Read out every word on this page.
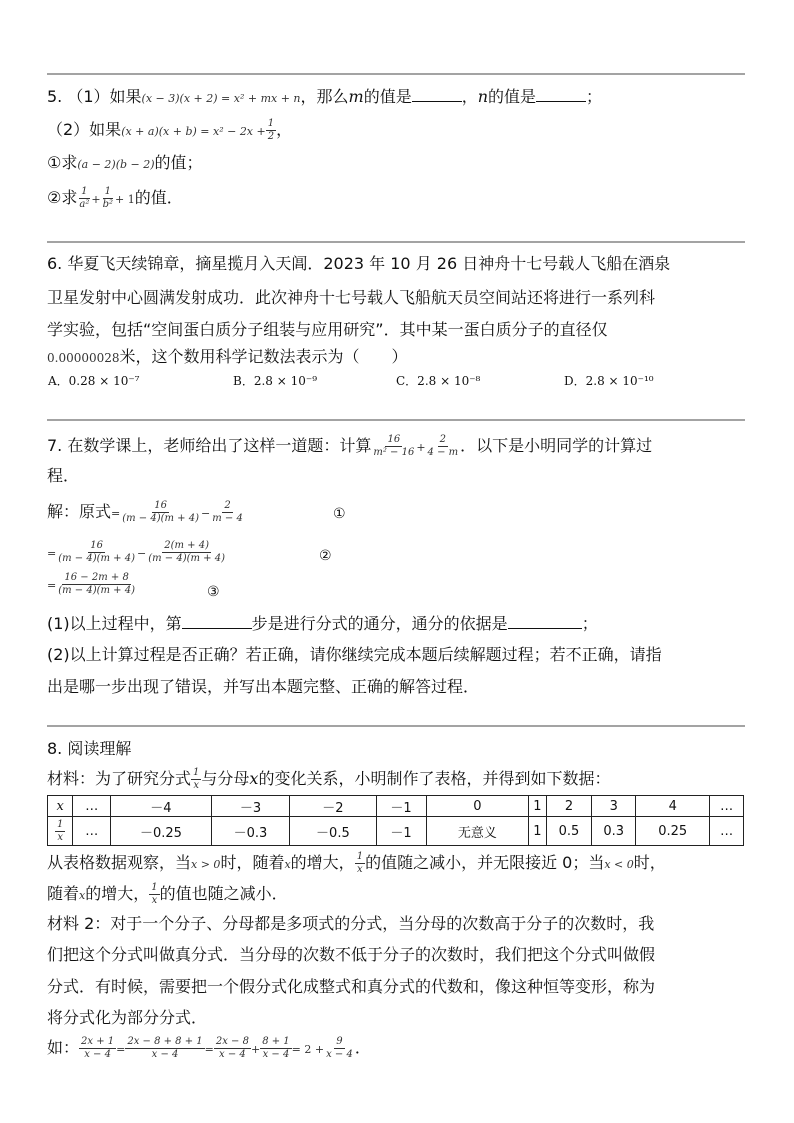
5. （1）如果(x − 3)(x + 2) = x² + mx + n，那么m的值是	，n的值是	；
（2）如果$(x + a)(x + b) = x^2 - 2x + \frac{1}{2}$ ，
①求(a − 2)(b − 2)的值；
②求 $\frac{1}{\text{a²}} + \frac{1}{\text{b²}} + 1$的值．
6. 华夏飞天续锦章，摘星揽月入天阊．2023 年 10 月 26 日神舟十七号载人飞船在酒泉
卫星发射中心圆满发射成功．此次神舟十七号载人飞船航天员空间站还将进行一系列科
学实验，包括“空间蛋白质分子组装与应用研究”．其中某一蛋白质分子的直径仅
0.00000028米，这个数用科学记数法表示为（　　）
A．0.28 × 10⁻⁷	B．2.8 × 10⁻⁹	C．2.8 × 10⁻⁸	D．2.8 × 10⁻¹⁰
7. 在数学课上，老师给出了这样一道题：计算 $\frac{16}{\text{m² − 16}} + \frac{2}{4 - m}$ ．以下是小明同学的计算过
程．
解：原式= $\frac{16}{(m - 4)(m + 4)} - \frac{2}{m - 4}$	①
= $\frac{16}{(m - 4)(m + 4)} - \frac{2(m + 4)}{(m - 4)(m + 4)}$	②
= $\frac{16 - 2m + 8}{(m - 4)(m + 4)}$	③
(1)以上过程中，第	步是进行分式的通分，通分的依据是	；
(2)以上计算过程是否正确？若正确，请你继续完成本题后续解题过程；若不正确，请指
出是哪一步出现了错误，并写出本题完整、正确的解答过程．
8. 阅读理解
材料：为了研究分式 $\frac{1}{x}$ 与分母x的变化关系，小明制作了表格，并得到如下数据：
x	…	－4	－3	－2	－1	0	1	2	3	4	…

$\frac{1}{x}$	…	－0.25	－0.3̇	－0.5	－1	无意义	1	0.5	0.3̇	0.25	…
从表格数据观察，当x > 0时，随着x的增大， $\frac{1}{x}$ 的值随之减小，并无限接近 0；当x < 0时，
随着x的增大， $\frac{1}{x}$ 的值也随之减小．
材料 2：对于一个分子、分母都是多项式的分式，当分母的次数高于分子的次数时，我
们把这个分式叫做真分式．当分母的次数不低于分子的次数时，我们把这个分式叫做假
分式．有时候，需要把一个假分式化成整式和真分式的代数和，像这种恒等变形，称为
将分式化为部分分式．
如： $\frac{2x + 1}{x - 4} = \frac{2x - 8 + 8 + 1}{x - 4} = \frac{2x - 8}{x - 4} + \frac{8 + 1}{x - 4} = 2 + \frac{9}{x - 4}$ ．
